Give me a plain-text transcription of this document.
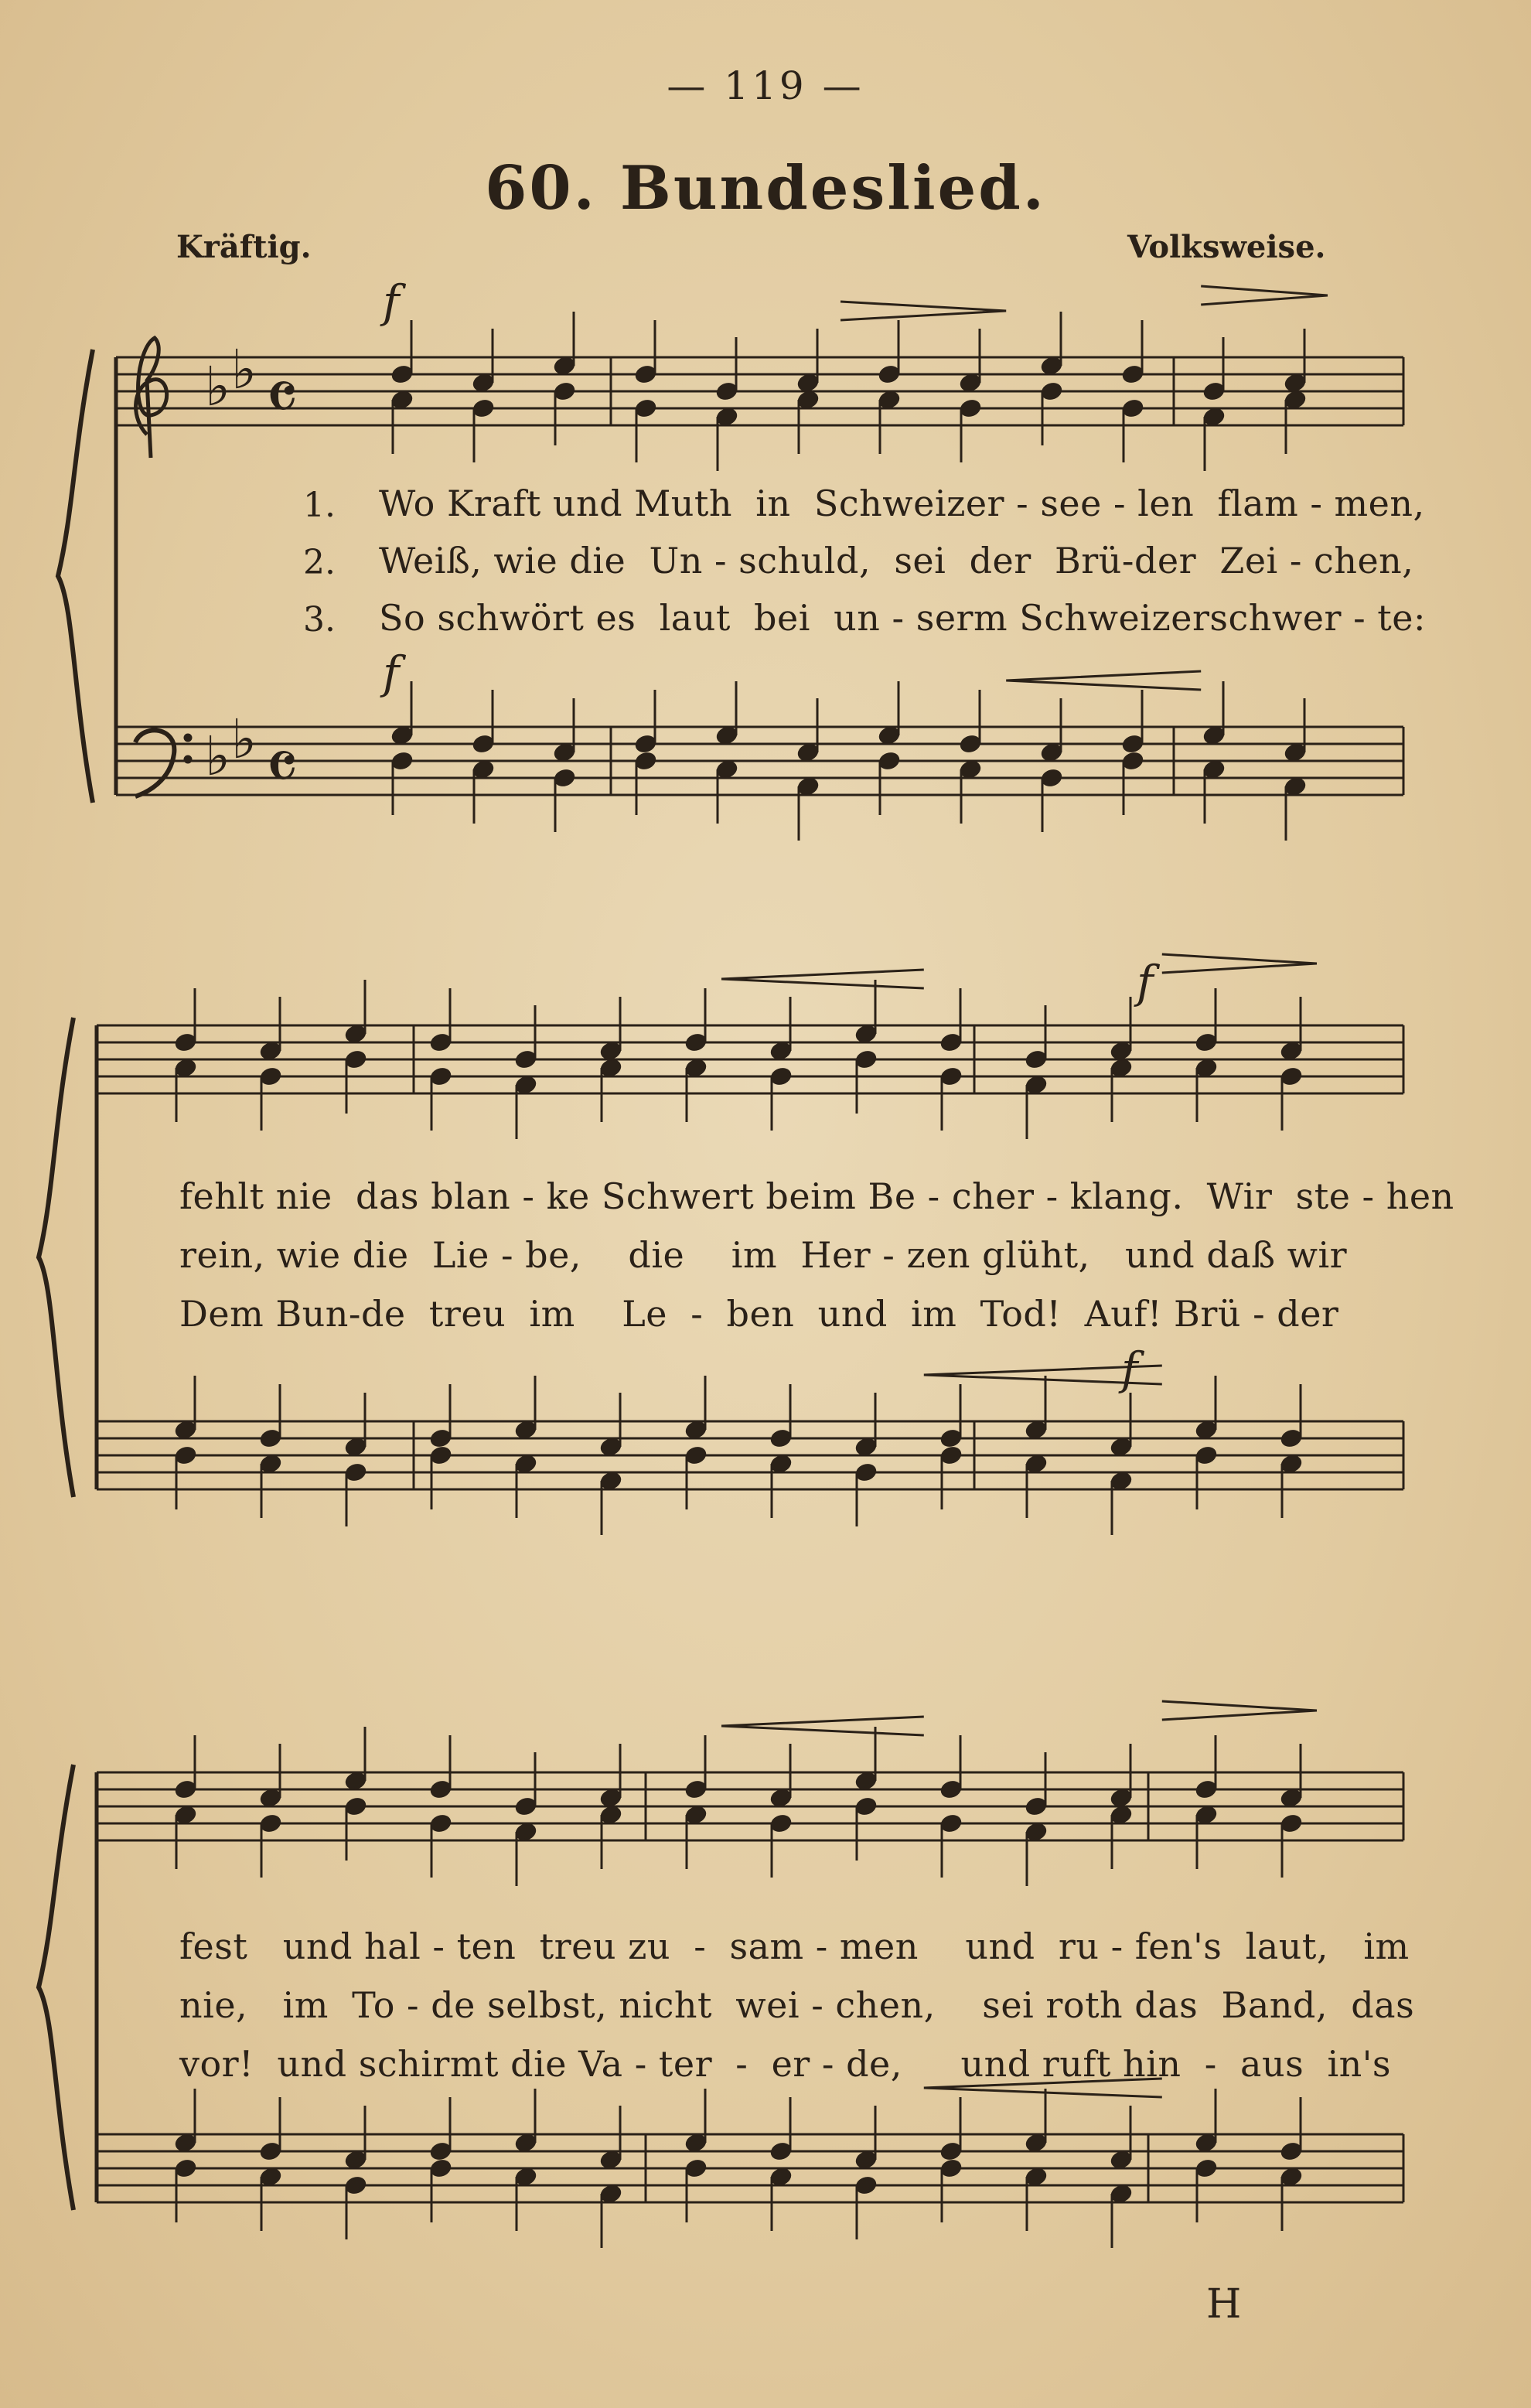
— 119 —
60. Bundeslied.
Kräftig.	Volksweise.
♭ ♭ 𝄴
♭ ♭ 𝄴
f
f
f
f
1.
2.
3.
Wo Kraft und Muth  in  Schweizer - see - len  flam - men,
Weiß, wie die  Un - schuld,  sei  der  Brü-der  Zei - chen,
So schwört es  laut  bei  un - serm Schweizerschwer - te:
fehlt nie  das blan - ke Schwert beim Be - cher - klang.  Wir  ste - hen
rein, wie die  Lie - be,    die    im  Her - zen glüht,   und daß wir
Dem Bun-de  treu  im    Le  -  ben  und  im  Tod!  Auf! Brü - der
fest   und hal - ten  treu zu  -  sam - men    und  ru - fen's  laut,   im
nie,   im  To - de selbst, nicht  wei - chen,    sei roth das  Band,  das
vor!  und schirmt die Va - ter  -  er - de,     und ruft hin  -  aus  in's
H
